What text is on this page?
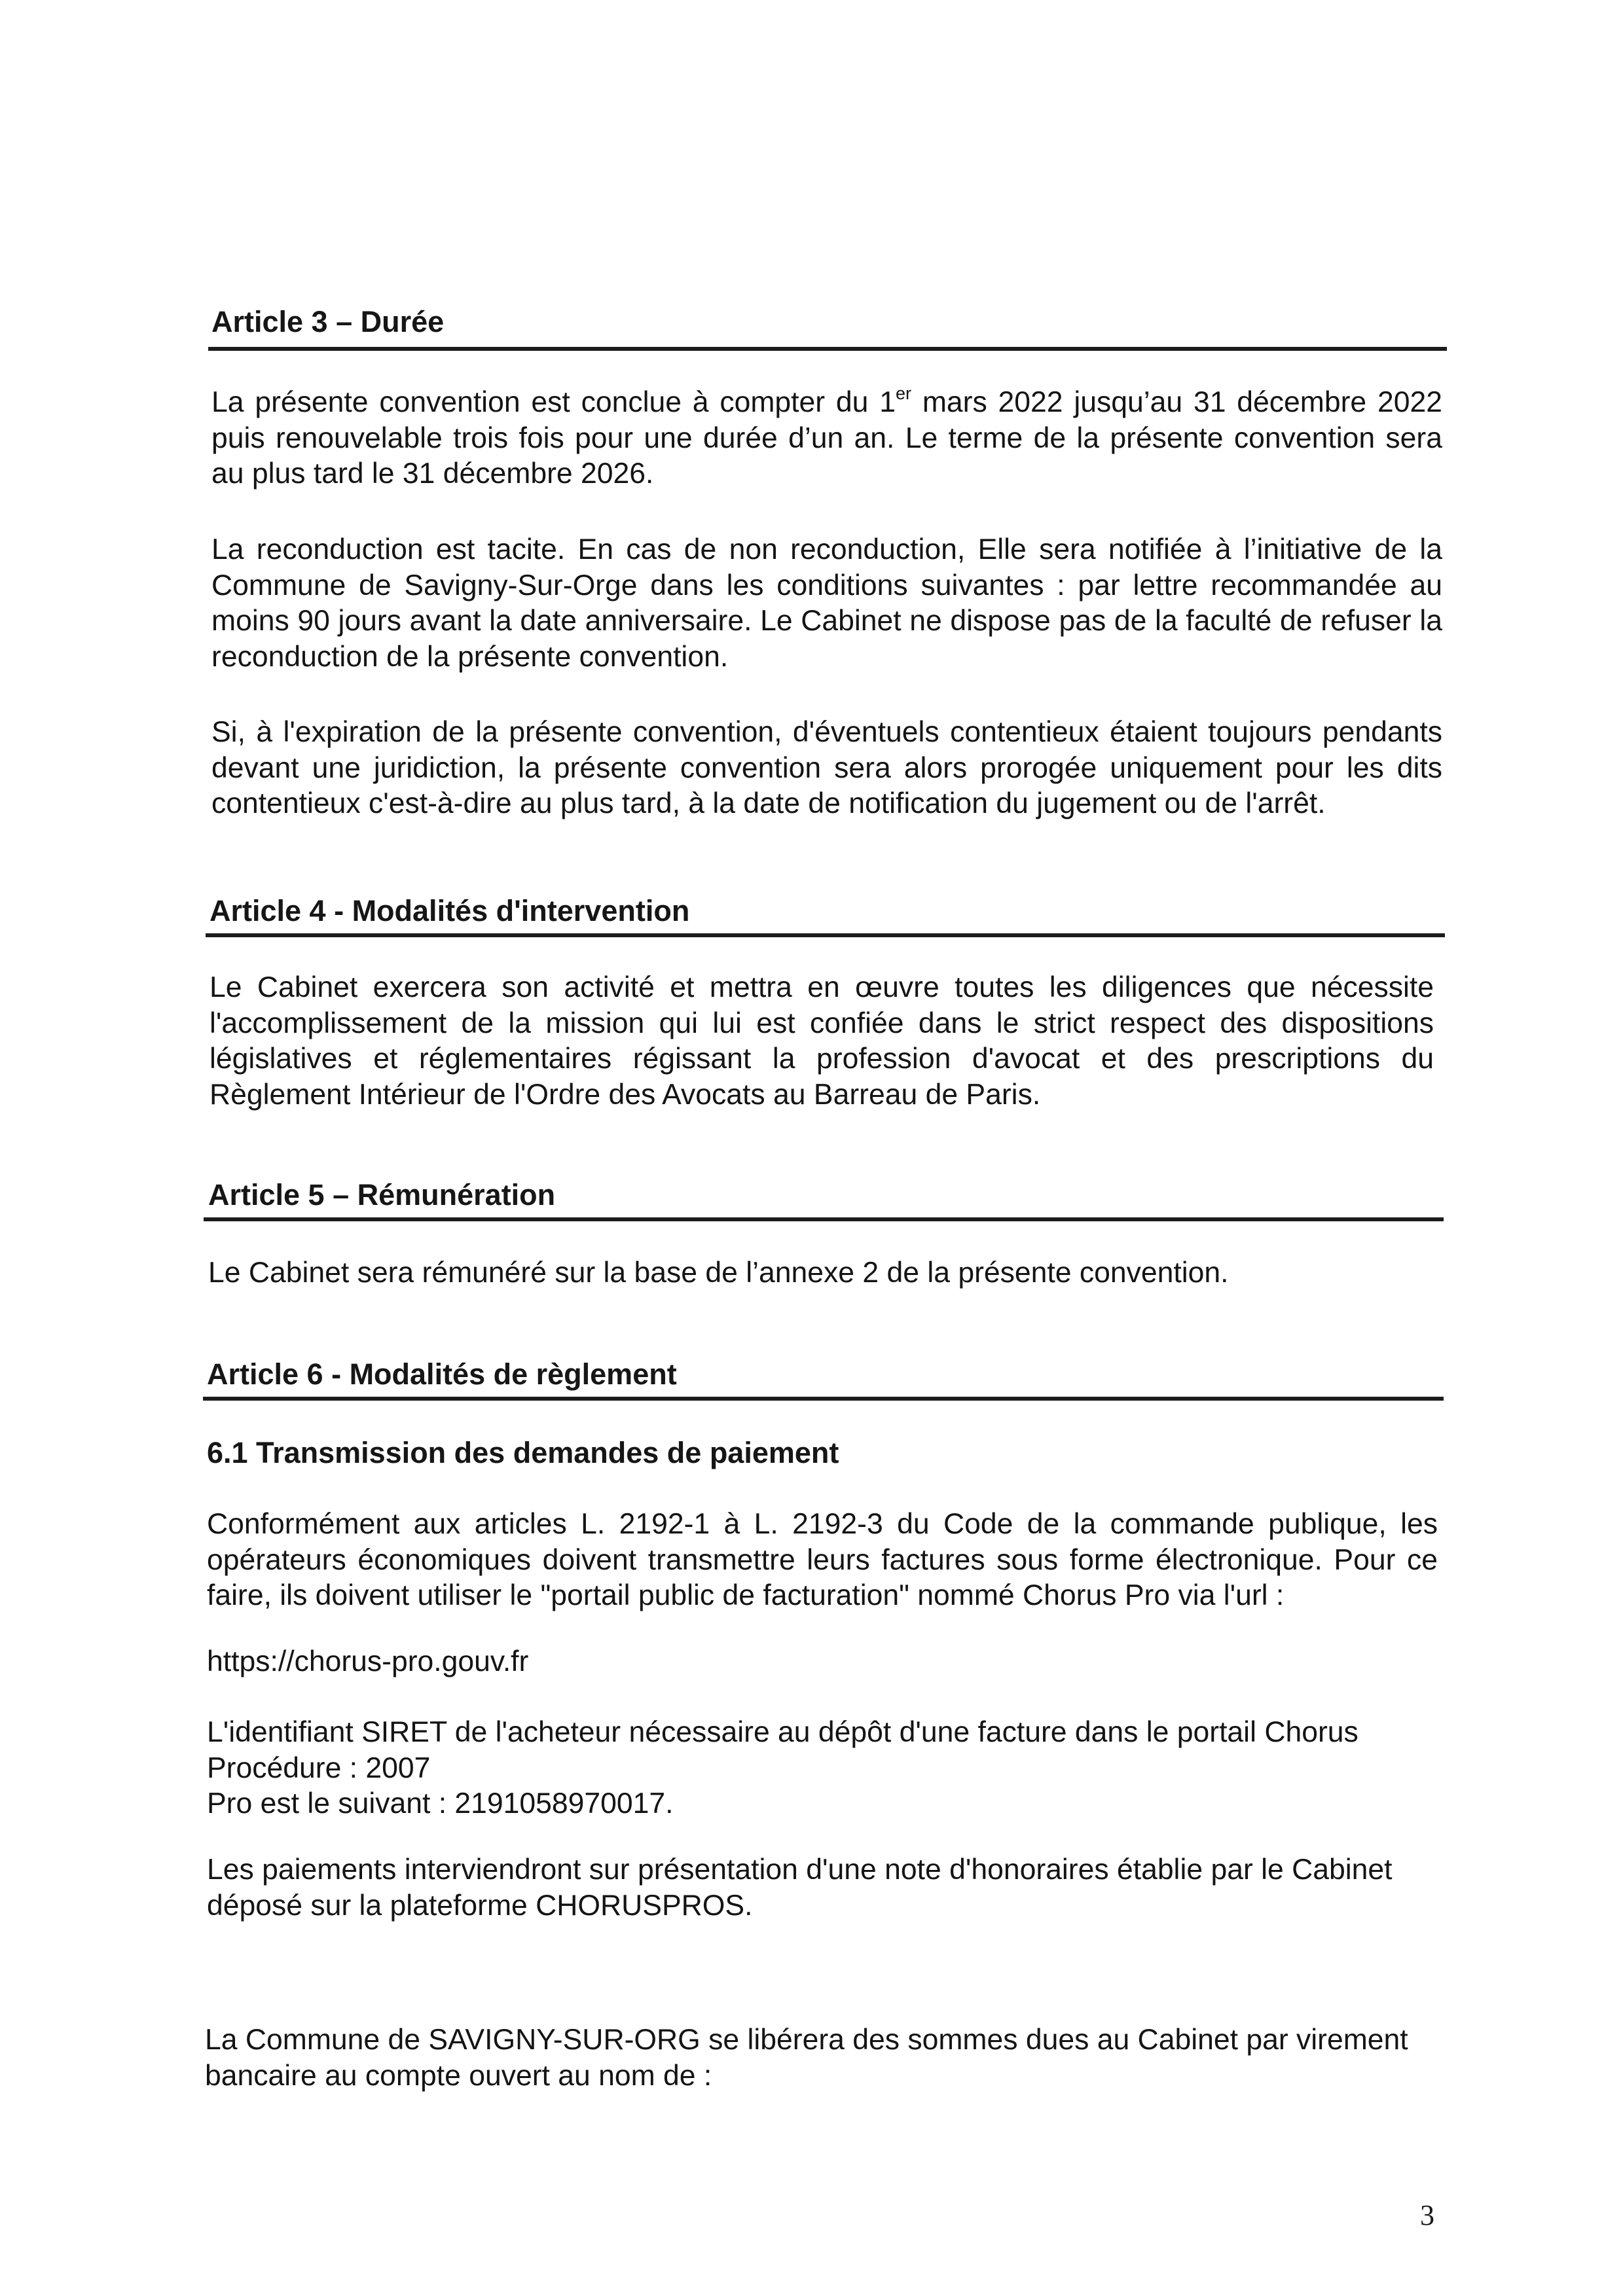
Article 3 – Durée

La présente convention est conclue à compter du 1er mars 2022 jusqu’au 31 décembre 2022 puis renouvelable trois fois pour une durée d’un an. Le terme de la présente convention sera au plus tard le 31 décembre 2026.

La reconduction est tacite. En cas de non reconduction, Elle sera notifiée à l’initiative de la Commune de Savigny-Sur-Orge dans les conditions suivantes : par lettre recommandée au moins 90 jours avant la date anniversaire. Le Cabinet ne dispose pas de la faculté de refuser la reconduction de la présente convention.

Si, à l'expiration de la présente convention, d'éventuels contentieux étaient toujours pendants devant une juridiction, la présente convention sera alors prorogée uniquement pour les dits contentieux c'est-à-dire au plus tard, à la date de notification du jugement ou de l'arrêt.

Article 4 - Modalités d'intervention

Le Cabinet exercera son activité et mettra en œuvre toutes les diligences que nécessite l'accomplissement de la mission qui lui est confiée dans le strict respect des dispositions législatives et réglementaires régissant la profession d'avocat et des prescriptions du Règlement Intérieur de l'Ordre des Avocats au Barreau de Paris.

Article 5 – Rémunération

Le Cabinet sera rémunéré sur la base de l’annexe 2 de la présente convention.

Article 6 - Modalités de règlement
6.1 Transmission des demandes de paiement

Conformément aux articles L. 2192-1 à L. 2192-3 du Code de la commande publique, les opérateurs économiques doivent transmettre leurs factures sous forme électronique. Pour ce faire, ils doivent utiliser le "portail public de facturation" nommé Chorus Pro via l'url :

https://chorus-pro.gouv.fr

L'identifiant SIRET de l'acheteur nécessaire au dépôt d'une facture dans le portail Chorus
Procédure : 2007
Pro est le suivant : 2191058970017.

Les paiements interviendront sur présentation d'une note d'honoraires établie par le Cabinet déposé sur la plateforme CHORUSPROS.

La Commune de SAVIGNY-SUR-ORG se libérera des sommes dues au Cabinet par virement bancaire au compte ouvert au nom de :

3
